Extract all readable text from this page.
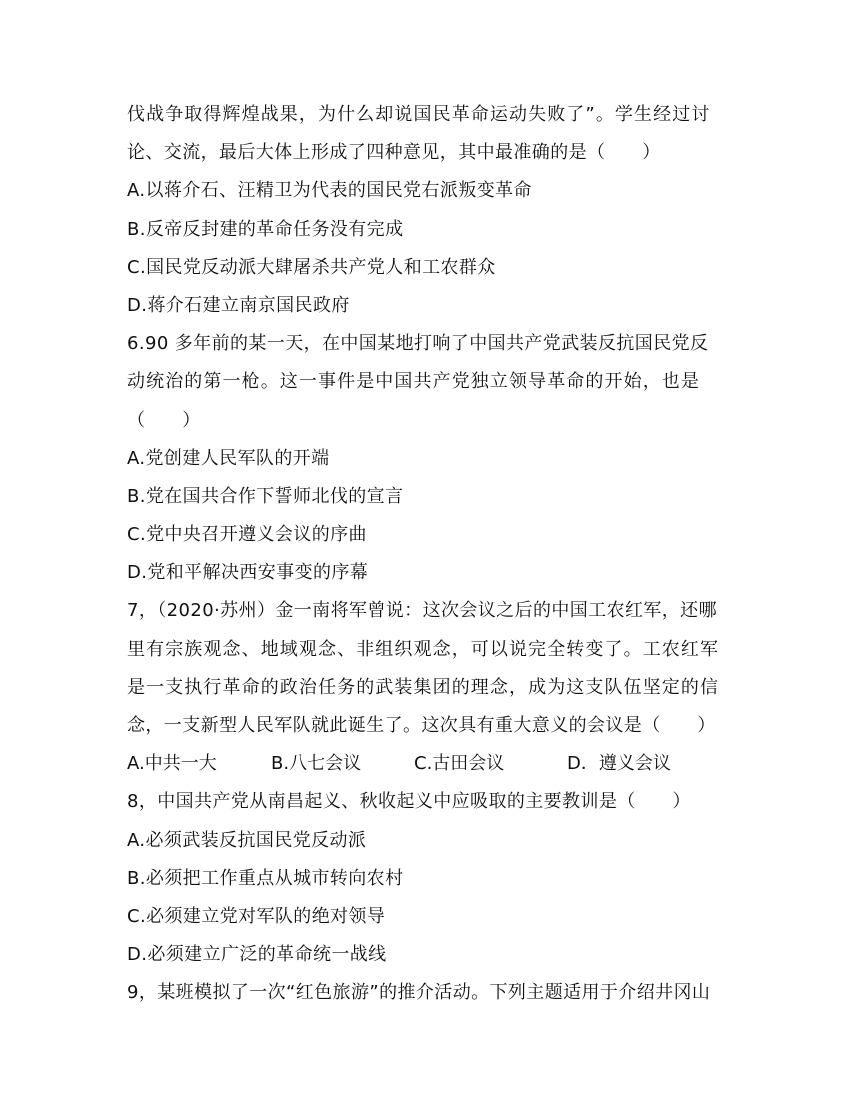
伐战争取得辉煌战果，为什么却说国民革命运动失败了”。学生经过讨
论、交流，最后大体上形成了四种意见，其中最准确的是（　　）
A.以蒋介石、汪精卫为代表的国民党右派叛变革命
B.反帝反封建的革命任务没有完成
C.国民党反动派大肆屠杀共产党人和工农群众
D.蒋介石建立南京国民政府
6.90 多年前的某一天，在中国某地打响了中国共产党武装反抗国民党反
动统治的第一枪。这一事件是中国共产党独立领导革命的开始，也是
（　　）
A.党创建人民军队的开端
B.党在国共合作下誓师北伐的宣言
C.党中央召开遵义会议的序曲
D.党和平解决西安事变的序幕
7，（2020·苏州）金一南将军曾说：这次会议之后的中国工农红军，还哪
里有宗族观念、地域观念、非组织观念，可以说完全转变了。工农红军
是一支执行革命的政治任务的武装集团的理念，成为这支队伍坚定的信
念，一支新型人民军队就此诞生了。这次具有重大意义的会议是（　　）
A.中共一大	B.八七会议	C.古田会议	D．遵义会议
8，中国共产党从南昌起义、秋收起义中应吸取的主要教训是（　　）
A.必须武装反抗国民党反动派
B.必须把工作重点从城市转向农村
C.必须建立党对军队的绝对领导
D.必须建立广泛的革命统一战线
9，某班模拟了一次“红色旅游”的推介活动。下列主题适用于介绍井冈山
